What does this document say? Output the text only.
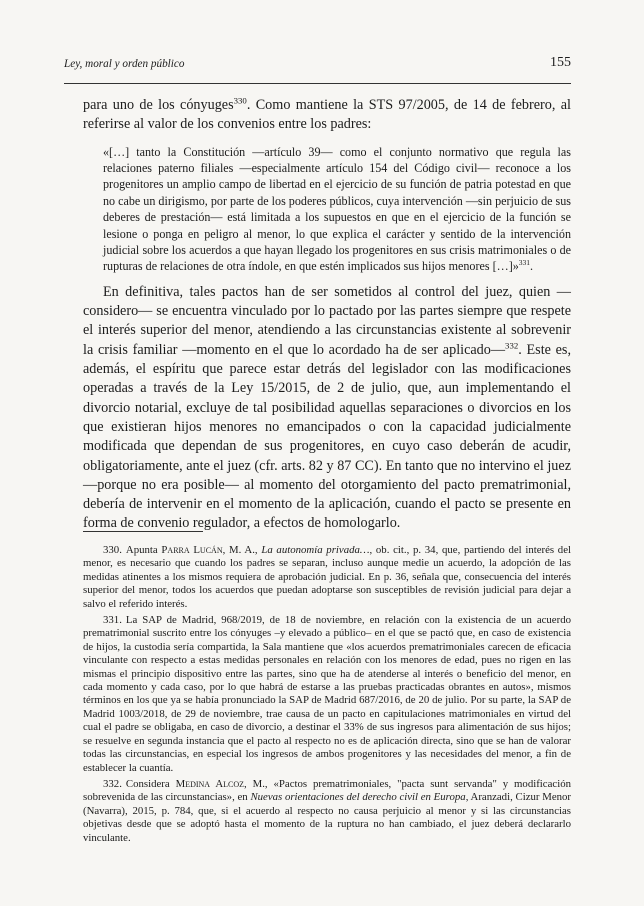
Ley, moral y orden público	155

para uno de los cónyuges$^{330}$. Como mantiene la STS 97/2005, de 14 de febrero, al referirse al valor de los convenios entre los padres:

«[…] tanto la Constitución —artículo 39— como el conjunto normativo que regula las relaciones paterno filiales —especialmente artículo 154 del Código civil— reconoce a los progenitores un amplio campo de libertad en el ejercicio de su función de patria potestad en que no cabe un dirigismo, por parte de los poderes públicos, cuya intervención —sin perjuicio de sus deberes de prestación— está limitada a los supuestos en que en el ejercicio de la función se lesione o ponga en peligro al menor, lo que explica el carácter y sentido de la intervención judicial sobre los acuerdos a que hayan llegado los progenitores en sus crisis matrimoniales o de rupturas de relaciones de otra índole, en que estén implicados sus hijos menores […]»$^{331}$.

En definitiva, tales pactos han de ser sometidos al control del juez, quien —considero— se encuentra vinculado por lo pactado por las partes siempre que respete el interés superior del menor, atendiendo a las circunstancias existente al sobrevenir la crisis familiar —momento en el que lo acordado ha de ser aplicado—$^{332}$. Este es, además, el espíritu que parece estar detrás del legislador con las modificaciones operadas a través de la Ley 15/2015, de 2 de julio, que, aun implementando el divorcio notarial, excluye de tal posibilidad aquellas separaciones o divorcios en los que existieran hijos menores no emancipados o con la capacidad judicialmente modificada que dependan de sus progenitores, en cuyo caso deberán de acudir, obligatoriamente, ante el juez (cfr. arts. 82 y 87 CC). En tanto que no intervino el juez —porque no era posible— al momento del otorgamiento del pacto prematrimonial, debería de intervenir en el momento de la aplicación, cuando el pacto se presente en forma de convenio regulador, a efectos de homologarlo.

330. Apunta Parra Lucán, M. A., La autonomía privada…, ob. cit., p. 34, que, partiendo del interés del menor, es necesario que cuando los padres se separan, incluso aunque medie un acuerdo, la adopción de las medidas atinentes a los mismos requiera de aprobación judicial. En p. 36, señala que, consecuencia del interés superior del menor, todos los acuerdos que puedan adoptarse son susceptibles de revisión judicial para dejar a salvo el referido interés.

331. La SAP de Madrid, 968/2019, de 18 de noviembre, en relación con la existencia de un acuerdo prematrimonial suscrito entre los cónyuges –y elevado a público– en el que se pactó que, en caso de existencia de hijos, la custodia sería compartida, la Sala mantiene que «los acuerdos prematrimoniales carecen de eficacia vinculante con respecto a estas medidas personales en relación con los menores de edad, pues no rigen en las mismas el principio dispositivo entre las partes, sino que ha de atenderse al interés o beneficio del menor, en cada momento y cada caso, por lo que habrá de estarse a las pruebas practicadas obrantes en autos», mismos términos en los que ya se había pronunciado la SAP de Madrid 687/2016, de 20 de julio. Por su parte, la SAP de Madrid 1003/2018, de 29 de noviembre, trae causa de un pacto en capitulaciones matrimoniales en virtud del cual el padre se obligaba, en caso de divorcio, a destinar el 33% de sus ingresos para alimentación de sus hijos; se resuelve en segunda instancia que el pacto al respecto no es de aplicación directa, sino que se han de valorar todas las circunstancias, en especial los ingresos de ambos progenitores y las necesidades del menor, a fin de establecer la cuantía.

332. Considera Medina Alcoz, M., «Pactos prematrimoniales, "pacta sunt servanda" y modificación sobrevenida de las circunstancias», en Nuevas orientaciones del derecho civil en Europa, Aranzadi, Cizur Menor (Navarra), 2015, p. 784, que, si el acuerdo al respecto no causa perjuicio al menor y si las circunstancias objetivas desde que se adoptó hasta el momento de la ruptura no han cambiado, el juez deberá declararlo vinculante.
